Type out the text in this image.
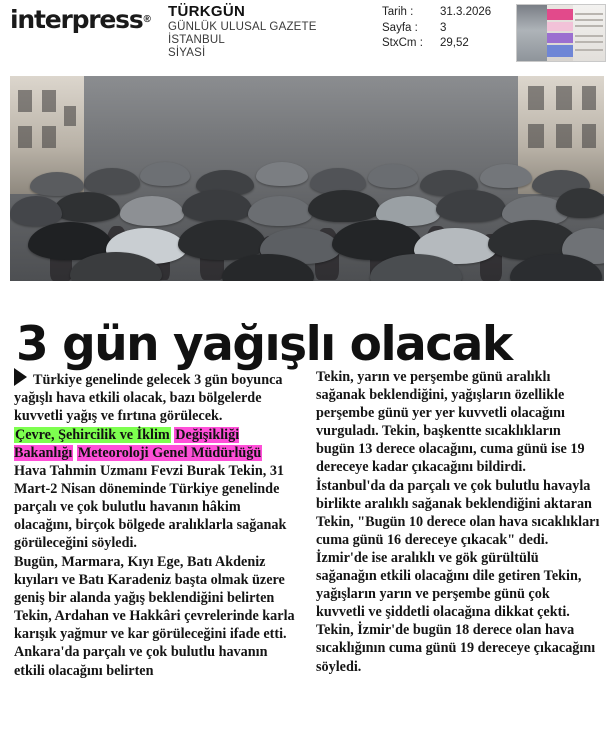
interpress ® TÜRKGÜN
GÜNLÜK ULUSAL GAZETE
İSTANBUL
SİYASİ
Tarih :	31.3.2026
Sayfa :	3
StxCm :	29,52
3 gün yağışlı olacak

Türkiye genelinde gelecek 3 gün boyunca yağışlı hava etkili olacak, bazı bölgelerde kuvvetli yağış ve fırtına görülecek.

Çevre, Şehircilik ve İklim Değişikliği Bakanlığı Meteoroloji Genel Müdürlüğü Hava Tahmin Uzmanı Fevzi Burak Tekin, 31 Mart-2 Nisan döneminde Türkiye genelinde parçalı ve çok bulutlu havanın hâkim olacağını, birçok bölgede aralıklarla sağanak görüleceğini söyledi.

Bugün, Marmara, Kıyı Ege, Batı Akdeniz kıyıları ve Batı Karadeniz başta olmak üzere geniş bir alanda yağış beklendiğini belirten Tekin, Ardahan ve Hakkâri çevrelerinde karla karışık yağmur ve kar görüleceğini ifade etti. Ankara'da parçalı ve çok bulutlu havanın etkili olacağını belirten

Tekin, yarın ve perşembe günü aralıklı sağanak beklendiğini, yağışların özellikle perşembe günü yer yer kuvvetli olacağını vurguladı. Tekin, başkentte sıcaklıkların bugün 13 derece olacağını, cuma günü ise 19 dereceye kadar çıkacağını bildirdi.

İstanbul'da da parçalı ve çok bulutlu havayla birlikte aralıklı sağanak beklendiğini aktaran Tekin, "Bugün 10 derece olan hava sıcaklıkları cuma günü 16 dereceye çıkacak" dedi. İzmir'de ise aralıklı ve gök gürültülü sağanağın etkili olacağını dile getiren Tekin, yağışların yarın ve perşembe günü çok kuvvetli ve şiddetli olacağına dikkat çekti. Tekin, İzmir'de bugün 18 derece olan hava sıcaklığının cuma günü 19 dereceye çıkacağını söyledi.
